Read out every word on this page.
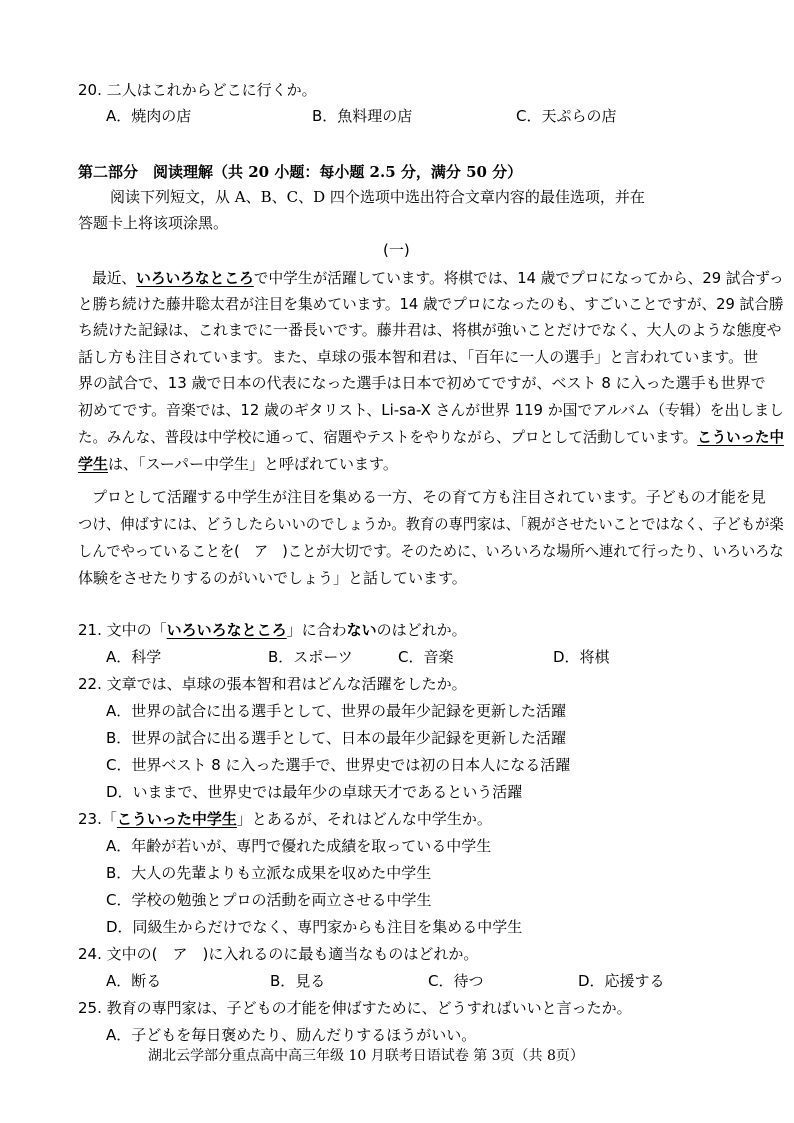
20. 二人はこれからどこに行くか。
A．焼肉の店	B．魚料理の店	C．天ぷらの店
第二部分　阅读理解（共 20 小题：每小题 2.5 分，满分 50 分）
阅读下列短文，从 A、B、C、D 四个选项中选出符合文章内容的最佳选项，并在
答题卡上将该项涂黑。
(一)
最近、いろいろなところで中学生が活躍しています。将棋では、14 歳でプロになってから、29 試合ずっ
と勝ち続けた藤井聡太君が注目を集めています。14 歳でプロになったのも、すごいことですが、29 試合勝
ち続けた記録は、これまでに一番長いです。藤井君は、将棋が強いことだけでなく、大人のような態度や
話し方も注目されています。また、卓球の張本智和君は、「百年に一人の選手」と言われています。世
界の試合で、13 歳で日本の代表になった選手は日本で初めてですが、ベスト 8 に入った選手も世界で
初めてです。音楽では、12 歳のギタリスト、Li-sa-X さんが世界 119 か国でアルバム（专辑）を出しまし
た。みんな、普段は中学校に通って、宿題やテストをやりながら、プロとして活動しています。こういった中
学生は、「スーパー中学生」と呼ばれています。
プロとして活躍する中学生が注目を集める一方、その育て方も注目されています。子どもの才能を見
つけ、伸ばすには、どうしたらいいのでしょうか。教育の専門家は、「親がさせたいことではなく、子どもが楽
しんでやっていることを(　ア　)ことが大切です。そのために、いろいろな場所へ連れて行ったり、いろいろな
体験をさせたりするのがいいでしょう」と話しています。
21. 文中の「いろいろなところ」に合わないのはどれか。
A．科学	B．スポーツ	C．音楽	D．将棋
22. 文章では、卓球の張本智和君はどんな活躍をしたか。
A．世界の試合に出る選手として、世界の最年少記録を更新した活躍
B．世界の試合に出る選手として、日本の最年少記録を更新した活躍
C．世界ベスト 8 に入った選手で、世界史では初の日本人になる活躍
D．いままで、世界史では最年少の卓球天才であるという活躍
23.「こういった中学生」とあるが、それはどんな中学生か。
A．年齢が若いが、専門で優れた成績を取っている中学生
B．大人の先輩よりも立派な成果を収めた中学生
C．学校の勉強とプロの活動を両立させる中学生
D．同級生からだけでなく、専門家からも注目を集める中学生
24. 文中の(　ア　)に入れるのに最も適当なものはどれか。
A．断る	B．見る	C．待つ	D．応援する
25. 教育の専門家は、子どもの才能を伸ばすために、どうすればいいと言ったか。
A．子どもを毎日褒めたり、励んだりするほうがいい。
湖北云学部分重点高中高三年级 10 月联考日语试卷 第 3页（共 8页）
